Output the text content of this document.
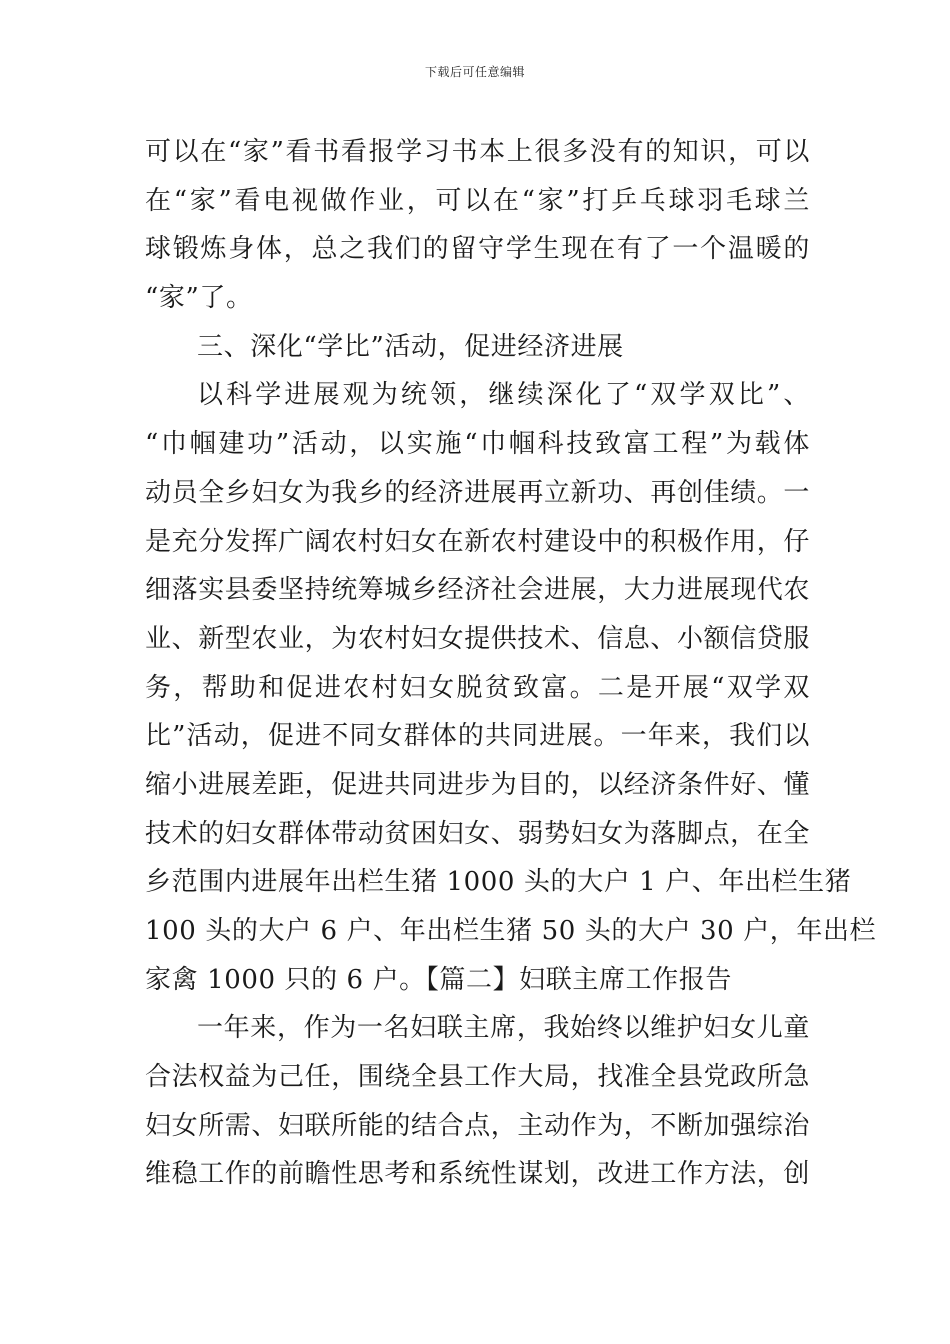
下载后可任意编辑
可以在“家”看书看报学习书本上很多没有的知识，可以
在“家”看电视做作业，可以在“家”打乒乓球羽毛球兰
球锻炼身体，总之我们的留守学生现在有了一个温暖的
“家”了。
三、深化“学比”活动，促进经济进展
以科学进展观为统领，继续深化了“双学双比”、
“巾帼建功”活动，以实施“巾帼科技致富工程”为载体
动员全乡妇女为我乡的经济进展再立新功、再创佳绩。一
是充分发挥广阔农村妇女在新农村建设中的积极作用，仔
细落实县委坚持统筹城乡经济社会进展，大力进展现代农
业、新型农业，为农村妇女提供技术、信息、小额信贷服
务，帮助和促进农村妇女脱贫致富。二是开展“双学双
比”活动，促进不同女群体的共同进展。一年来，我们以
缩小进展差距，促进共同进步为目的，以经济条件好、懂
技术的妇女群体带动贫困妇女、弱势妇女为落脚点，在全
乡范围内进展年出栏生猪 1000 头的大户 1 户、年出栏生猪
100 头的大户 6 户、年出栏生猪 50 头的大户 30 户，年出栏
家禽 1000 只的 6 户。【篇二】妇联主席工作报告
一年来，作为一名妇联主席，我始终以维护妇女儿童
合法权益为己任，围绕全县工作大局，找准全县党政所急
妇女所需、妇联所能的结合点，主动作为，不断加强综治
维稳工作的前瞻性思考和系统性谋划，改进工作方法，创
